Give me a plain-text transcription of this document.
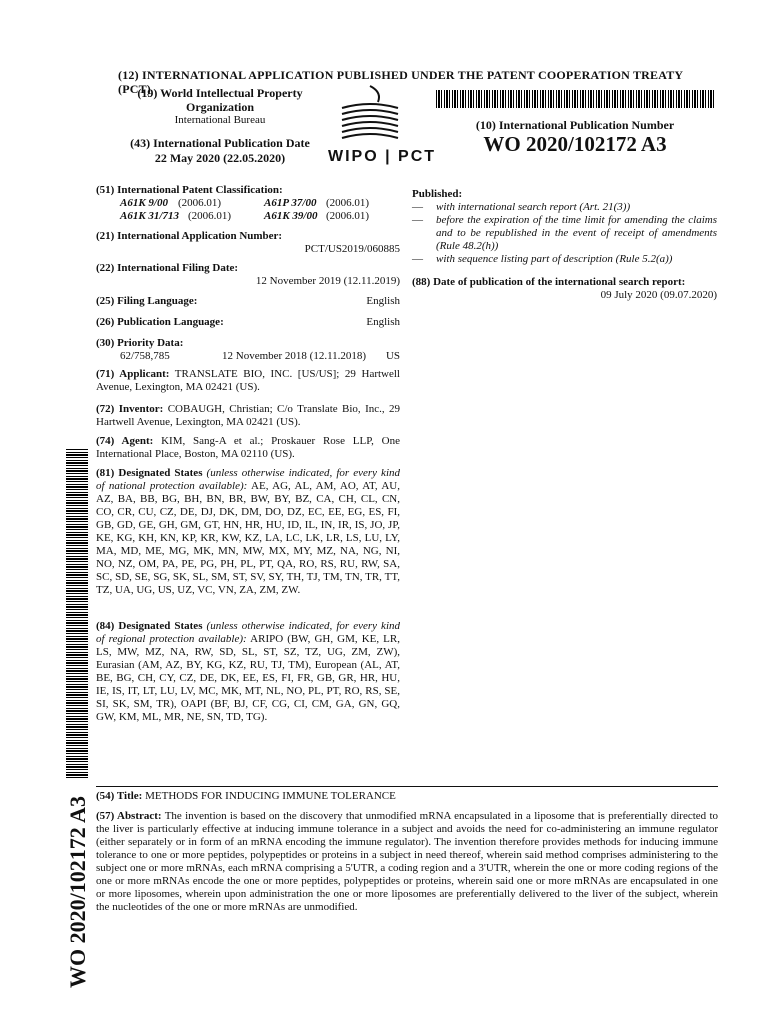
(12) INTERNATIONAL APPLICATION PUBLISHED UNDER THE PATENT COOPERATION TREATY (PCT)
(19) World Intellectual Property
Organization
International Bureau
(43) International Publication Date
22 May 2020 (22.05.2020)	WIPO | PCT
(10) International Publication Number
WO 2020/102172 A3
WO 2020/102172 A3
(51) International Patent Classification:
A61K 9/00 (2006.01)	A61P 37/00 (2006.01)
A61K 31/713 (2006.01)	A61K 39/00 (2006.01)
(21) International Application Number:
PCT/US2019/060885
(22) International Filing Date:
12 November 2019 (12.11.2019)
(25) Filing Language:	English
(26) Publication Language:	English
(30) Priority Data:
62/758,785	12 November 2018 (12.11.2018) US
(71) Applicant: TRANSLATE BIO, INC. [US/US]; 29 Hartwell Avenue, Lexington, MA 02421 (US).
(72) Inventor: COBAUGH, Christian; C/o Translate Bio, Inc., 29 Hartwell Avenue, Lexington, MA 02421 (US).
(74) Agent: KIM, Sang-A et al.; Proskauer Rose LLP, One International Place, Boston, MA 02110 (US).
(81) Designated States (unless otherwise indicated, for every kind of national protection available): AE, AG, AL, AM, AO, AT, AU, AZ, BA, BB, BG, BH, BN, BR, BW, BY, BZ, CA, CH, CL, CN, CO, CR, CU, CZ, DE, DJ, DK, DM, DO, DZ, EC, EE, EG, ES, FI, GB, GD, GE, GH, GM, GT, HN, HR, HU, ID, IL, IN, IR, IS, JO, JP, KE, KG, KH, KN, KP, KR, KW, KZ, LA, LC, LK, LR, LS, LU, LY, MA, MD, ME, MG, MK, MN, MW, MX, MY, MZ, NA, NG, NI, NO, NZ, OM, PA, PE, PG, PH, PL, PT, QA, RO, RS, RU, RW, SA, SC, SD, SE, SG, SK, SL, SM, ST, SV, SY, TH, TJ, TM, TN, TR, TT, TZ, UA, UG, US, UZ, VC, VN, ZA, ZM, ZW.
(84) Designated States (unless otherwise indicated, for every kind of regional protection available): ARIPO (BW, GH, GM, KE, LR, LS, MW, MZ, NA, RW, SD, SL, ST, SZ, TZ, UG, ZM, ZW), Eurasian (AM, AZ, BY, KG, KZ, RU, TJ, TM), European (AL, AT, BE, BG, CH, CY, CZ, DE, DK, EE, ES, FI, FR, GB, GR, HR, HU, IE, IS, IT, LT, LU, LV, MC, MK, MT, NL, NO, PL, PT, RO, RS, SE, SI, SK, SM, TR), OAPI (BF, BJ, CF, CG, CI, CM, GA, GN, GQ, GW, KM, ML, MR, NE, SN, TD, TG).
Published:
— with international search report (Art. 21(3))
— before the expiration of the time limit for amending the claims and to be republished in the event of receipt of amendments (Rule 48.2(h))
— with sequence listing part of description (Rule 5.2(a))
(88) Date of publication of the international search report:
09 July 2020 (09.07.2020)
(54) Title: METHODS FOR INDUCING IMMUNE TOLERANCE
(57) Abstract: The invention is based on the discovery that unmodified mRNA encapsulated in a liposome that is preferentially directed to the liver is particularly effective at inducing immune tolerance in a subject and avoids the need for co-administering an immune regulator (either separately or in form of an mRNA encoding the immune regulator). The invention therefore provides methods for inducing immune tolerance to one or more peptides, polypeptides or proteins in a subject in need thereof, wherein said method comprises administering to the subject one or more mRNAs, each mRNA comprising a 5'UTR, a coding region and a 3'UTR, wherein the one or more coding regions of the one or more mRNAs encode the one or more peptides, polypeptides or proteins, wherein said one or more mRNAs are encapsulated in one or more liposomes, wherein upon administration the one or more liposomes are preferentially delivered to the liver of the subject, wherein the nucleotides of the one or more mRNAs are unmodified.
